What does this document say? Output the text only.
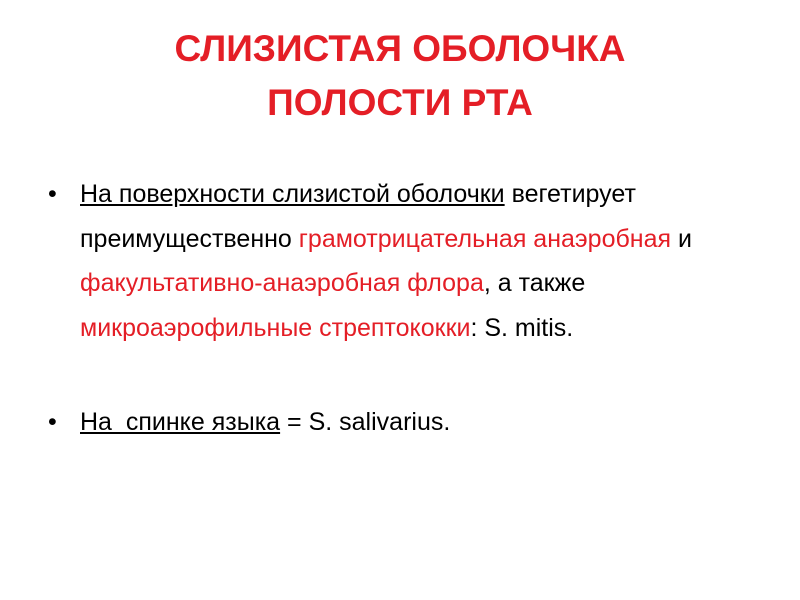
СЛИЗИСТАЯ ОБОЛОЧКА
ПОЛОСТИ РТА
• На поверхности слизистой оболочки вегетирует преимущественно грамотрицательная анаэробная и факультативно-анаэробная флора, а также микроаэрофильные стрептококки: S. mitis.
• На  спинке языка = S. salivarius.
